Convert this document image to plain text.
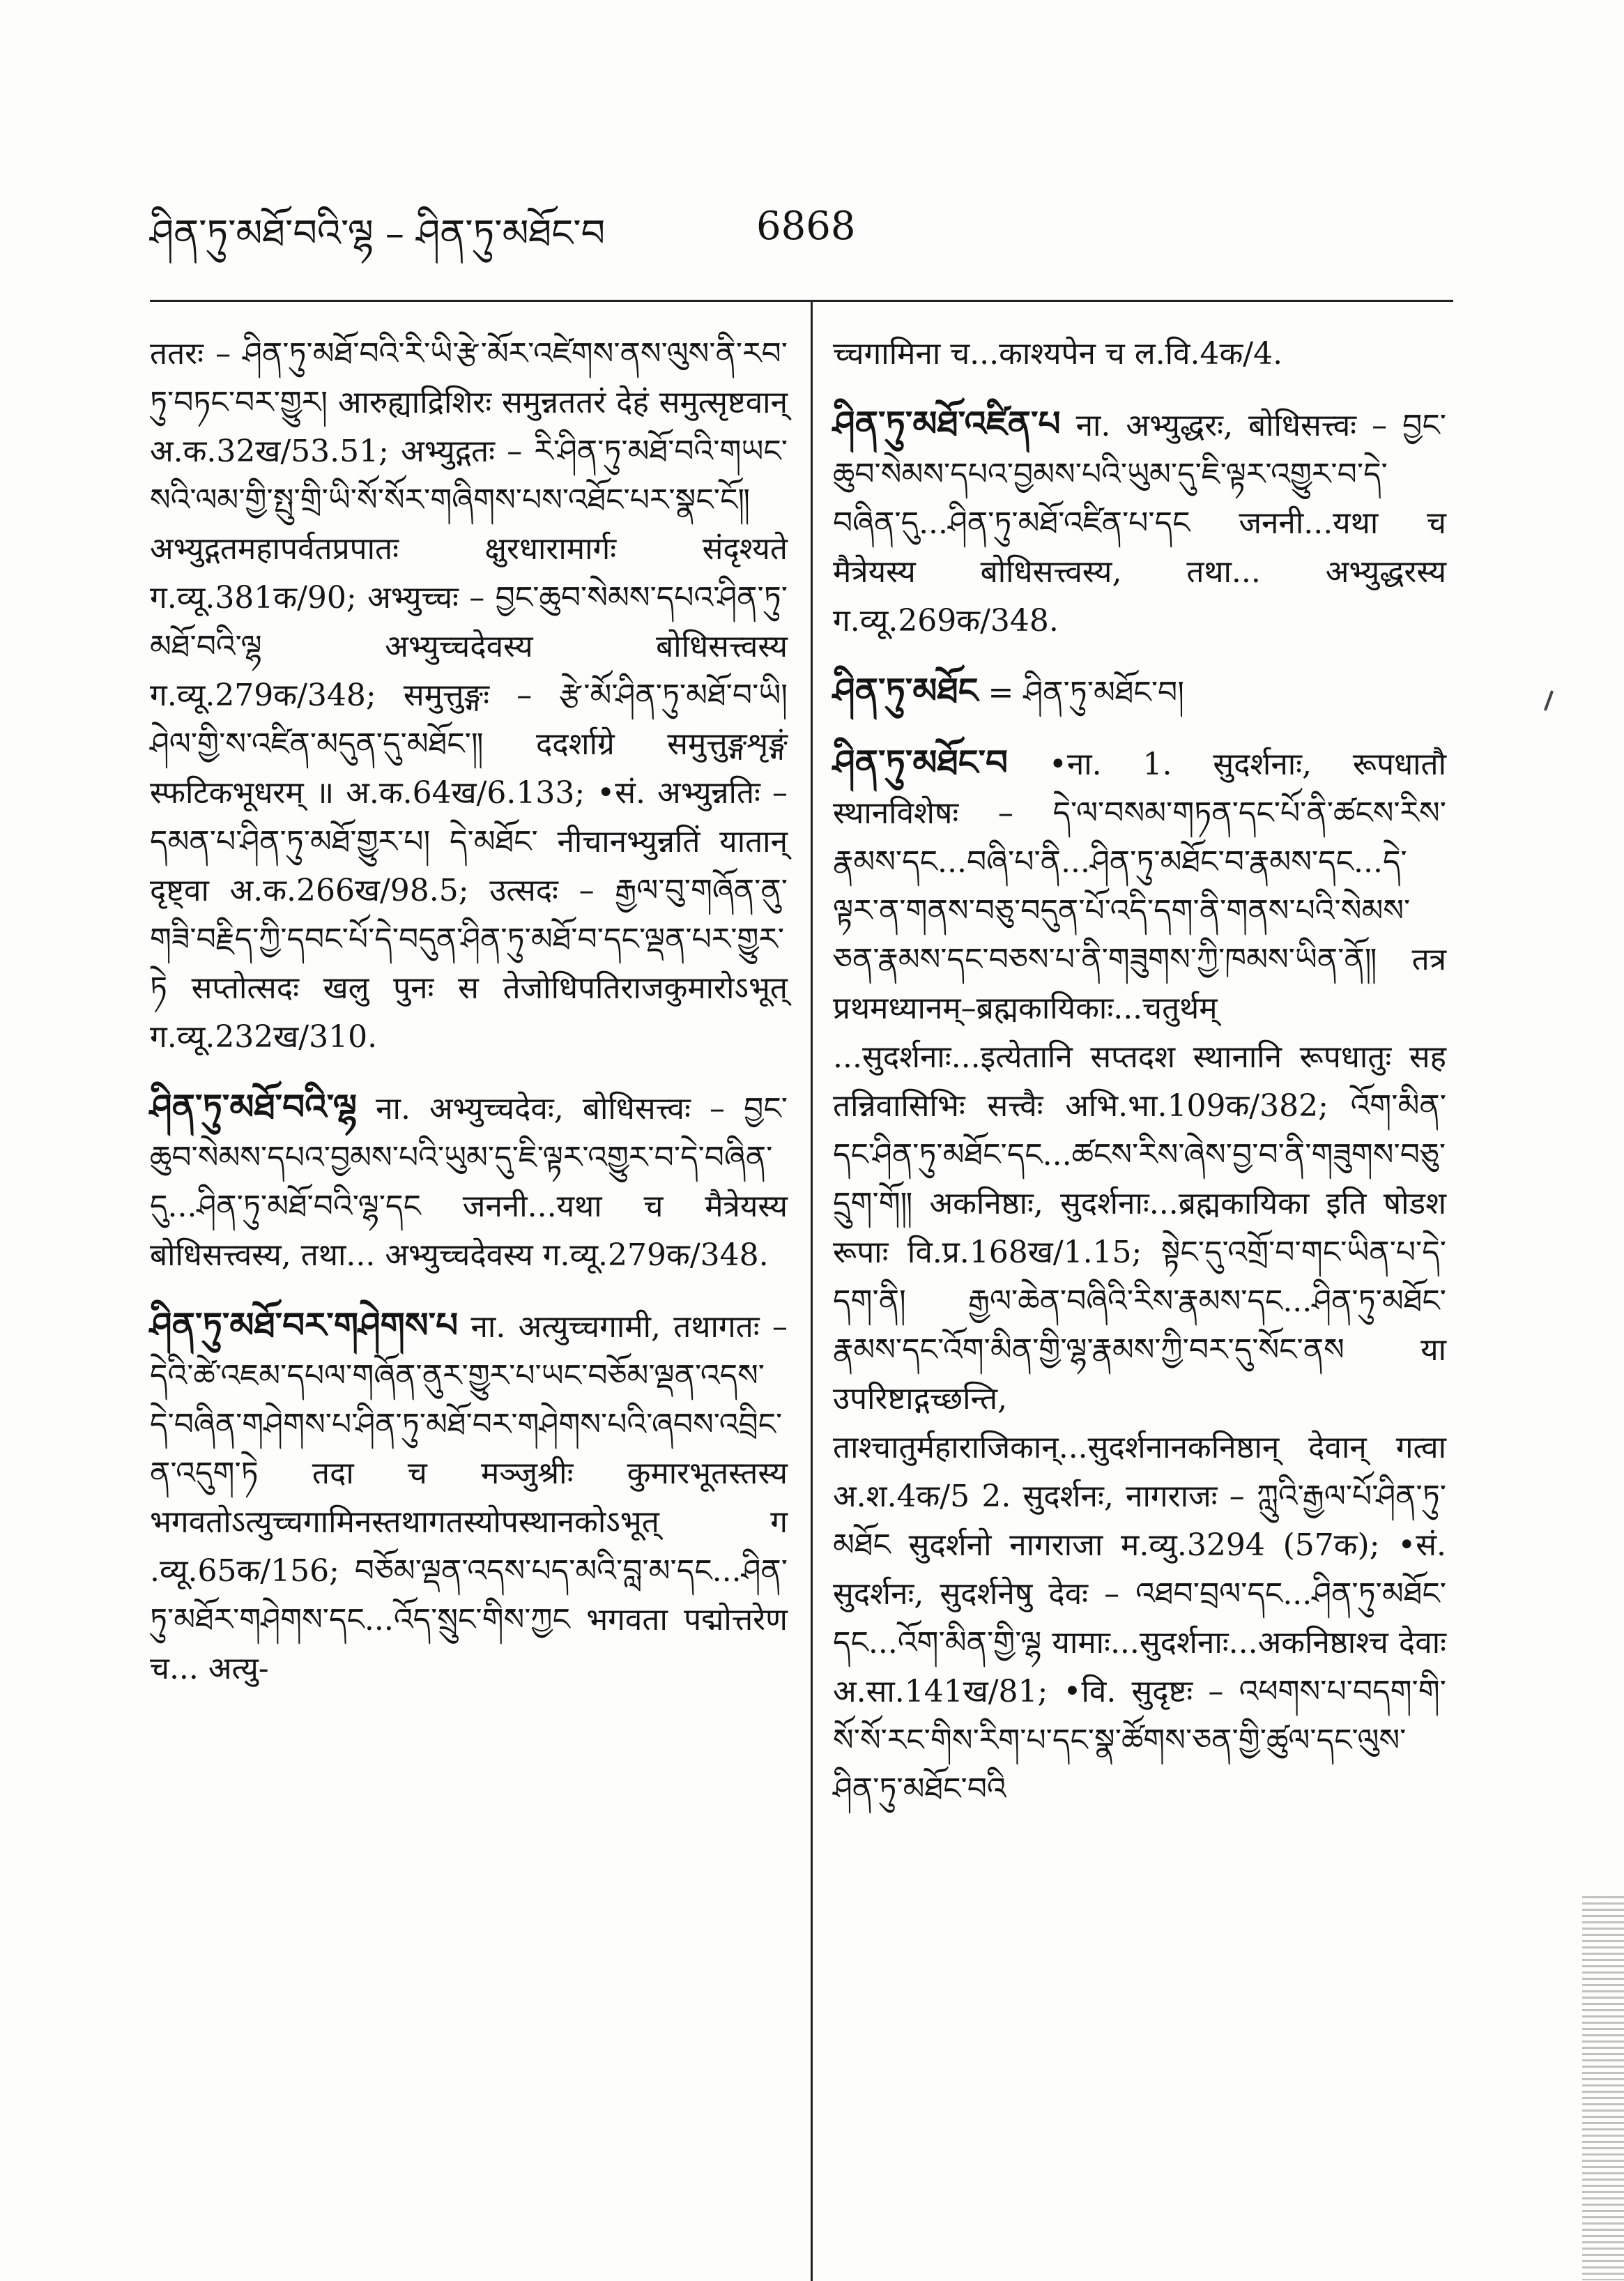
ཤིན་ཏུ་མཐོ་བའི་ལྷ – ཤིན་ཏུ་མཐོང་བ	6868

ततरः – ཤིན་ཏུ་མཐོ་བའི་རི་ཡི་རྩེ་མོར་འཛེགས་ནས་ལུས་ནི་རབ་ཏུ་བཏང་བར་གྱུར། आरुह्याद्रिशिरः समुन्नततरं देहं समुत्सृष्टवान् अ.क.32ख/53.51; अभ्युद्गतः – རི་ཤིན་ཏུ་མཐོ་བའི་གཡང་སའི་ལམ་གྱི་སྤུ་གྲི་ཡི་སོ་སོར་གཞིགས་པས་འཐོང་པར་སྣང་ངོ༎ अभ्युद्गतमहापर्वतप्रपातः क्षुरधारामार्गः संदृश्यते ग.व्यू.381क/90; अभ्युच्चः – བྱང་ཆུབ་སེམས་དཔའ་ཤིན་ཏུ་མཐོ་བའི་ལྷ अभ्युच्चदेवस्य बोधिसत्त्वस्य ग.व्यू.279क/348; समुत्तुङ्गः – རྩེ་མོ་ཤིན་ཏུ་མཐོ་བ་ཡི། ཤེལ་གྱི་ས་འཛིན་མདུན་དུ་མཐོང་༎ ददर्शाग्रे समुत्तुङ्गशृङ्गं स्फटिकभूधरम् ॥ अ.क.64ख/6.133; •सं. अभ्युन्नतिः – དམན་པ་ཤིན་ཏུ་མཐོ་གྱུར་པ། དེ་མཐོང་ नीचानभ्युन्नतिं यातान् दृष्ट्वा अ.क.266ख/98.5; उत्सदः – རྒྱལ་བུ་གཞོན་ནུ་གཟི་བརྗིད་ཀྱི་དབང་པོ་དེ་བདུན་ཤིན་ཏུ་མཐོ་བ་དང་ལྡན་པར་གྱུར་ཏེ सप्तोत्सदः खलु पुनः स तेजोधिपतिराजकुमारोऽभूत् ग.व्यू.232ख/310.

ཤིན་ཏུ་མཐོ་བའི་ལྷ ना. अभ्युच्चदेवः, बोधिसत्त्वः – བྱང་ཆུབ་སེམས་དཔའ་བྱམས་པའི་ཡུམ་དུ་ཇི་ལྟར་འགྱུར་བ་དེ་བཞིན་དུ...ཤིན་ཏུ་མཐོ་བའི་ལྷ་དང जननी...यथा च मैत्रेयस्य बोधिसत्त्वस्य, तथा... अभ्युच्चदेवस्य ग.व्यू.279क/348.

ཤིན་ཏུ་མཐོ་བར་གཤེགས་པ ना. अत्युच्चगामी, तथागतः – དེའི་ཚེ་འཇམ་དཔལ་གཞོན་ནུར་གྱུར་པ་ཡང་བཅོམ་ལྡན་འདས་དེ་བཞིན་གཤེགས་པ་ཤིན་ཏུ་མཐོ་བར་གཤེགས་པའི་ཞབས་འབྲིང་ན་འདུག་ཏེ तदा च मञ्जुश्रीः कुमारभूतस्तस्य भगवतोऽत्युच्चगामिनस्तथागतस्योपस्थानकोऽभूत् ग .व्यू.65क/156; བཅོམ་ལྡན་འདས་པད་མའི་བླ་མ་དང...ཤིན་ཏུ་མཐོར་གཤེགས་དང...འོད་སྲུང་གིས་ཀྱང भगवता पद्मोत्तरेण च... अत्यु-

च्चगामिना च...काश्यपेन च ल.वि.4क/4.

ཤིན་ཏུ་མཐོ་འཛིན་པ ना. अभ्युद्धरः, बोधिसत्त्वः – བྱང་ཆུབ་སེམས་དཔའ་བྱམས་པའི་ཡུམ་དུ་ཇི་ལྟར་འགྱུར་བ་དེ་བཞིན་དུ...ཤིན་ཏུ་མཐོ་འཛིན་པ་དང जननी...यथा च मैत्रेयस्य बोधिसत्त्वस्य, तथा... अभ्युद्धरस्य ग.व्यू.269क/348.

ཤིན་ཏུ་མཐོང = ཤིན་ཏུ་མཐོང་བ།

ཤིན་ཏུ་མཐོང་བ •ना. 1. सुदर्शनाः, रूपधातौ स्थानविशेषः – དེ་ལ་བསམ་གཏན་དང་པོ་ནི་ཚངས་རིས་རྣམས་དང...བཞི་པ་ནི...ཤིན་ཏུ་མཐོང་བ་རྣམས་དང...དེ་ལྟར་ན་གནས་བཅུ་བདུན་པོ་འདི་དག་ནི་གནས་པའི་སེམས་ཅན་རྣམས་དང་བཅས་པ་ནི་གཟུགས་ཀྱི་ཁམས་ཡིན་ནོ༎ तत्र प्रथमध्यानम्–ब्रह्मकायिकाः...चतुर्थम् ...सुदर्शनाः...इत्येतानि सप्तदश स्थानानि रूपधातुः सह तन्निवासिभिः सत्त्वैः अभि.भा.109क/382; འོག་མིན་དང་ཤིན་ཏུ་མཐོང་དང...ཚངས་རིས་ཞེས་བྱ་བ་ནི་གཟུགས་བཅུ་དྲུག་གོ༎ अकनिष्ठाः, सुदर्शनाः...ब्रह्मकायिका इति षोडश रूपाः वि.प्र.168ख/1.15; སྟེང་དུ་འགྲོ་བ་གང་ཡིན་པ་དེ་དག་ནི། རྒྱལ་ཆེན་བཞིའི་རིས་རྣམས་དང...ཤིན་ཏུ་མཐོང་རྣམས་དང་འོག་མིན་གྱི་ལྷ་རྣམས་ཀྱི་བར་དུ་སོང་ནས या उपरिष्टाद्गच्छन्ति, ताश्चातुर्महाराजिकान्...सुदर्शनानकनिष्ठान् देवान् गत्वा अ.श.4क/5 2. सुदर्शनः, नागराजः – ཀླུའི་རྒྱལ་པོ་ཤིན་ཏུ་མཐོང सुदर्शनो नागराजा म.व्यु.3294 (57क); •सं. सुदर्शनः, सुदर्शनेषु देवः – འཐབ་བྲལ་དང...ཤིན་ཏུ་མཐོང་དང...འོག་མིན་གྱི་ལྷ यामाः...सुदर्शनाः...अकनिष्ठाश्च देवाः अ.सा.141ख/81; •वि. सुदृष्टः – འཕགས་པ་བདག་གི་སོ་སོ་རང་གིས་རིག་པ་དང་སྣ་ཚོགས་ཅན་གྱི་ཚུལ་དང་ལུས་ཤིན་ཏུ་མཐོང་བའི
